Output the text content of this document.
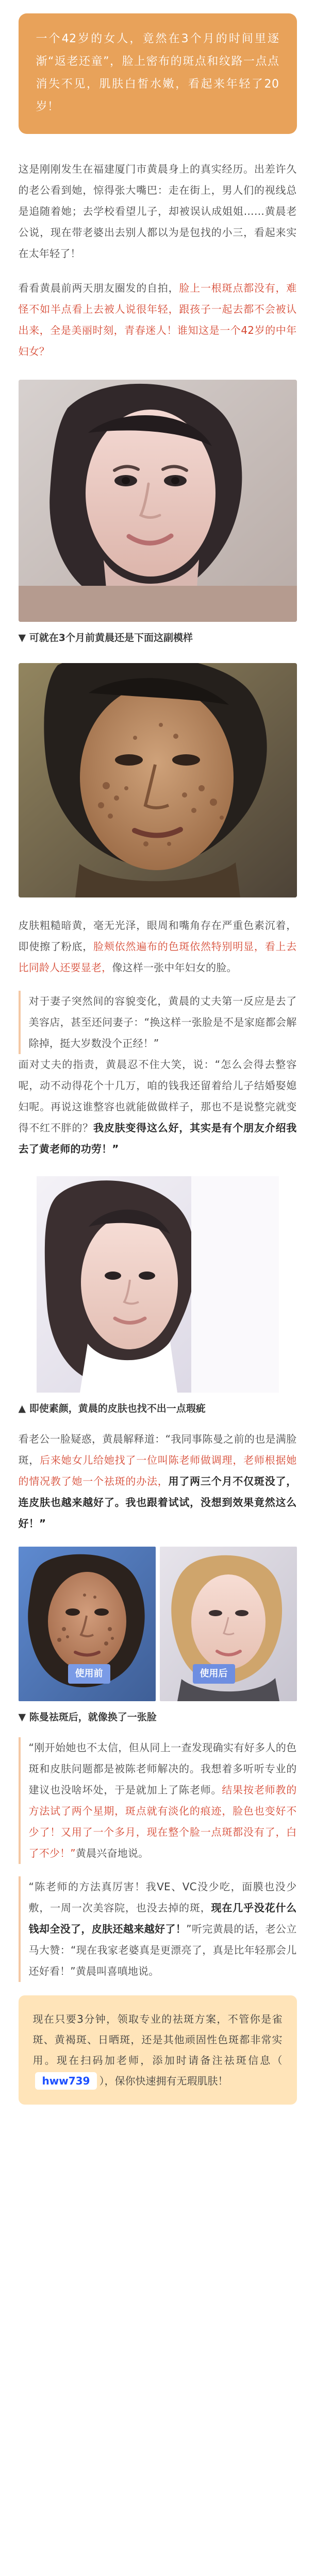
一个42岁的女人，竟然在3个月的时间里逐渐“返老还童”，脸上密布的斑点和纹路一点点消失不见，肌肤白皙水嫩，看起来年轻了20岁！
这是刚刚发生在福建厦门市黄晨身上的真实经历。出差许久的老公看到她，惊得张大嘴巴：走在街上，男人们的视线总是追随着她；去学校看望儿子，却被误认成姐姐……黄晨老公说，现在带老婆出去别人都以为是包找的小三，看起来实在太年轻了！
看看黄晨前两天朋友圈发的自拍，脸上一根斑点都没有，难怪不如半点看上去被人说很年轻，跟孩子一起去都不会被认出来，全是美丽时刻，青春迷人！谁知这是一个42岁的中年妇女？
▼ 可就在3个月前黄晨还是下面这副模样
皮肤粗糙暗黄，毫无光泽，眼周和嘴角存在严重色素沉着，即使擦了粉底，脸颊依然遍布的色斑依然特别明显，看上去比同龄人还要显老，像这样一张中年妇女的脸。
对于妻子突然间的容貌变化，黄晨的丈夫第一反应是去了美容店，甚至还问妻子：“换这样一张脸是不是家庭都会解除掉，挺大岁数没个正经！”
面对丈夫的指责，黄晨忍不住大笑，说：“怎么会得去整容呢，动不动得花个十几万，咱的钱我还留着给儿子结婚娶媳妇呢。再说这谁整容也就能做做样子，那也不是说整完就变得不红不胖的？我皮肤变得这么好，其实是有个朋友介绍我去了黄老师的功劳！”
▲ 即使素颜，黄晨的皮肤也找不出一点瑕疵
看老公一脸疑惑，黄晨解释道：“我同事陈曼之前的也是满脸斑，后来她女儿给她找了一位叫陈老师做调理，老师根据她的情况教了她一个祛斑的办法，用了两三个月不仅斑没了，连皮肤也越来越好了。我也跟着试试，没想到效果竟然这么好！”
使用前	使用后
▼ 陈曼祛斑后，就像换了一张脸
“刚开始她也不太信，但从同上一查发现确实有好多人的色斑和皮肤问题都是被陈老师解决的。我想着多听听专业的建议也没啥坏处，于是就加上了陈老师。结果按老师教的方法试了两个星期，斑点就有淡化的痕迹，脸色也变好不少了！又用了一个多月，现在整个脸一点斑都没有了，白了不少！”黄晨兴奋地说。
“陈老师的方法真厉害！我VE、VC没少吃，面膜也没少敷，一周一次美容院，也没去掉的斑，现在几乎没花什么钱却全没了，皮肤还越来越好了！”听完黄晨的话，老公立马大赞：“现在我家老婆真是更漂亮了，真是比年轻那会儿还好看！”黄晨叫喜嗔地说。
现在只要3分钟，领取专业的祛斑方案，不管你是雀斑、黄褐斑、日晒斑，还是其他顽固性色斑都非常实用。现在扫码加老师，添加时请备注祛斑信息（hww739 ），保你快速拥有无瑕肌肤！
